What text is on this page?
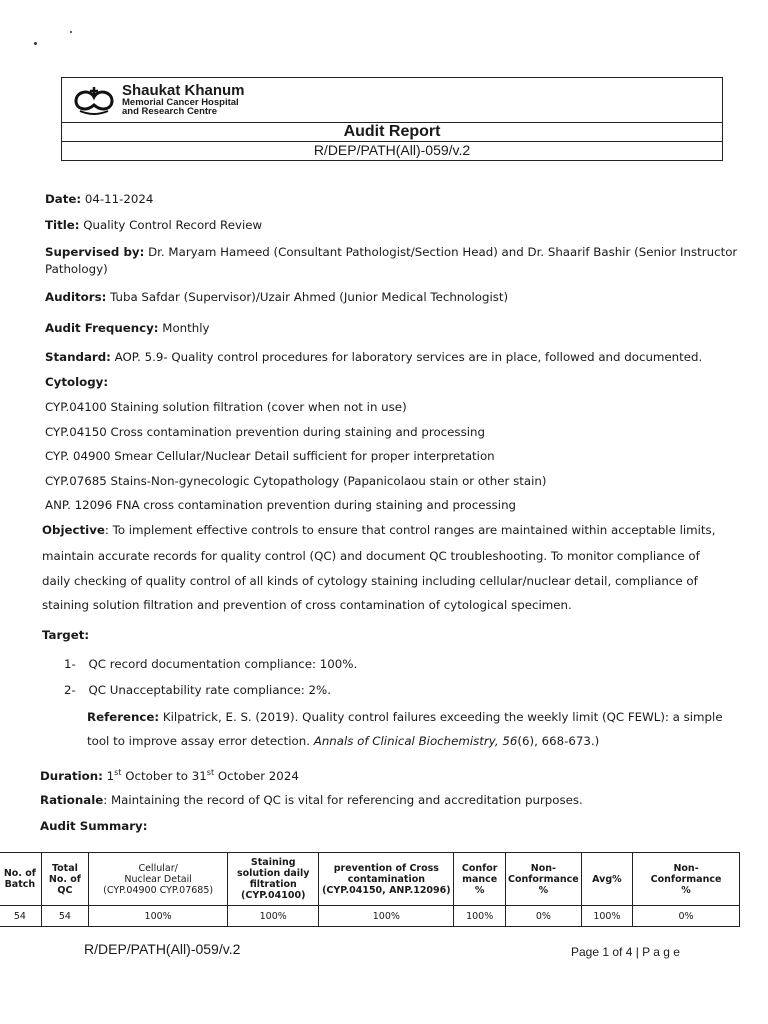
Shaukat Khanum
Memorial Cancer Hospital
and Research Centre
Audit Report
R/DEP/PATH(All)-059/v.2
Date: 04-11-2024
Title: Quality Control Record Review
Supervised by: Dr. Maryam Hameed (Consultant Pathologist/Section Head) and Dr. Shaarif Bashir (Senior Instructor
Pathology)
Auditors: Tuba Safdar (Supervisor)/Uzair Ahmed (Junior Medical Technologist)
Audit Frequency: Monthly
Standard: AOP. 5.9- Quality control procedures for laboratory services are in place, followed and documented.
Cytology:
CYP.04100 Staining solution filtration (cover when not in use)
CYP.04150 Cross contamination prevention during staining and processing
CYP. 04900 Smear Cellular/Nuclear Detail sufficient for proper interpretation
CYP.07685 Stains-Non-gynecologic Cytopathology (Papanicolaou stain or other stain)
ANP. 12096 FNA cross contamination prevention during staining and processing
Objective: To implement effective controls to ensure that control ranges are maintained within acceptable limits,
maintain accurate records for quality control (QC) and document QC troubleshooting. To monitor compliance of
daily checking of quality control of all kinds of cytology staining including cellular/nuclear detail, compliance of
staining solution filtration and prevention of cross contamination of cytological specimen.
Target:
1- QC record documentation compliance: 100%.
2- QC Unacceptability rate compliance: 2%.
Reference: Kilpatrick, E. S. (2019). Quality control failures exceeding the weekly limit (QC FEWL): a simple
tool to improve assay error detection. Annals of Clinical Biochemistry, 56(6), 668-673.)
Duration: 1st October to 31st October 2024
Rationale: Maintaining the record of QC is vital for referencing and accreditation purposes.
Audit Summary:
No. of
Batch	Total
No. of
QC	Cellular/
Nuclear Detail
(CYP.04900 CYP.07685)	Staining
solution daily
filtration
(CYP.04100)	prevention of Cross
contamination
(CYP.04150, ANP.12096)	Confor
mance
%	Non-
Conformance
%	Avg%	Non-
Conformance
%
54	54	100%	100%	100%	100%	0%	100%	0%
R/DEP/PATH(All)-059/v.2	Page 1 of 4 | P a g e
